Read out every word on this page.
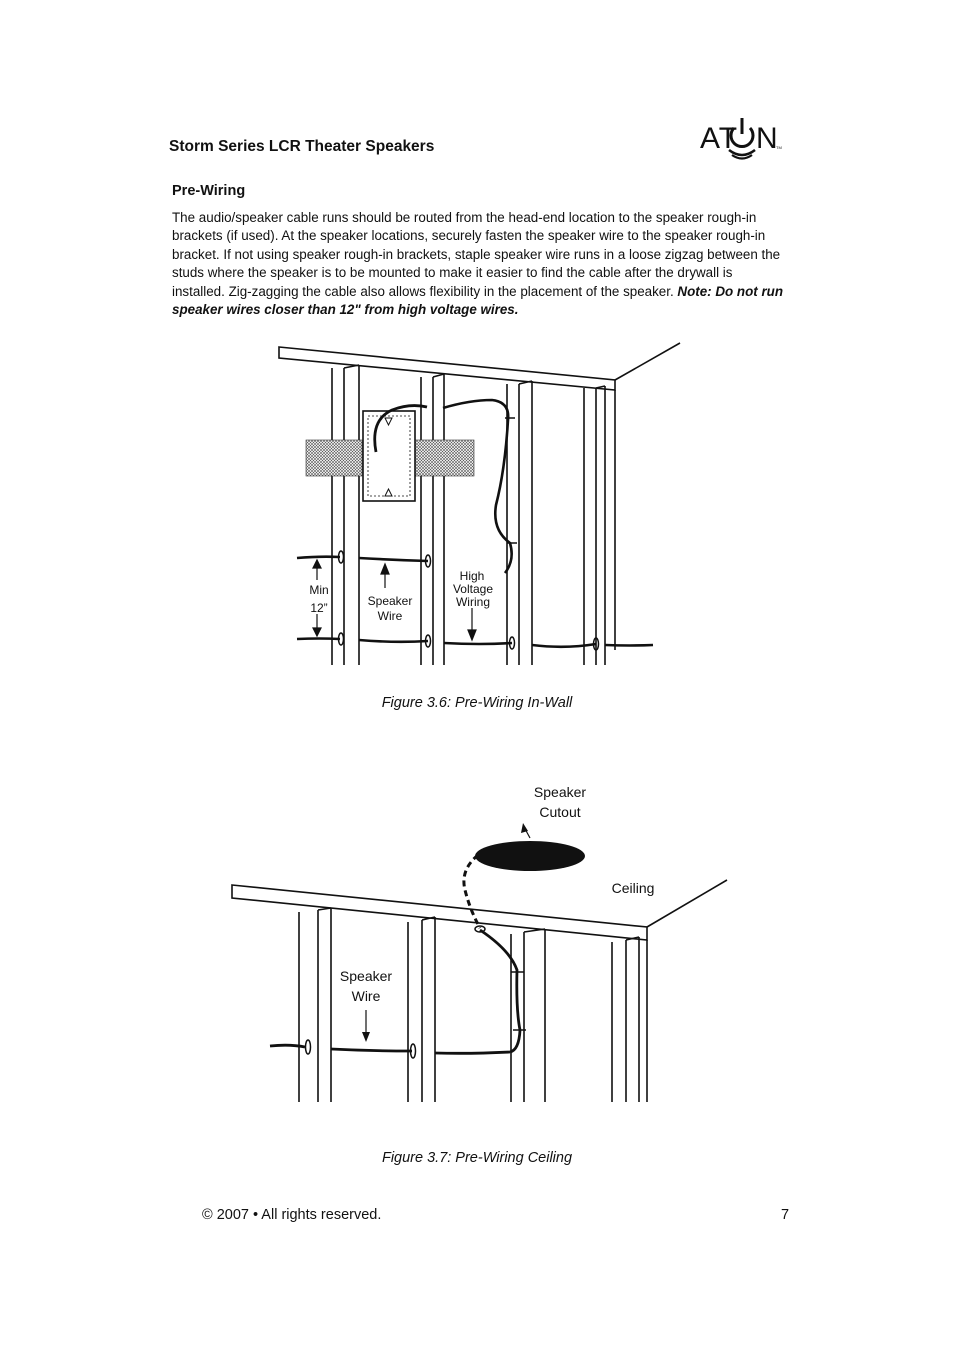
Storm Series LCR Theater Speakers	AT N
TM
Pre-Wiring
The audio/speaker cable runs should be routed from the head-end location to the speaker rough-in brackets (if used). At the speaker locations, securely fasten the speaker wire to the speaker rough-in bracket. If not using speaker rough-in brackets, staple speaker wire runs in a loose zigzag between the studs where the speaker is to be mounted to make it easier to find the cable after the drywall is installed. Zig-zagging the cable also allows flexibility in the placement of the speaker. Note: Do not run speaker wires closer than 12" from high voltage wires.
Min
12”	Speaker
Wire
High
Voltage
Wiring
Figure 3.6: Pre-Wiring In-Wall
Speaker
Cutout
Ceiling
Speaker
Wire
Figure 3.7: Pre-Wiring Ceiling
© 2007 • All rights reserved.	7
